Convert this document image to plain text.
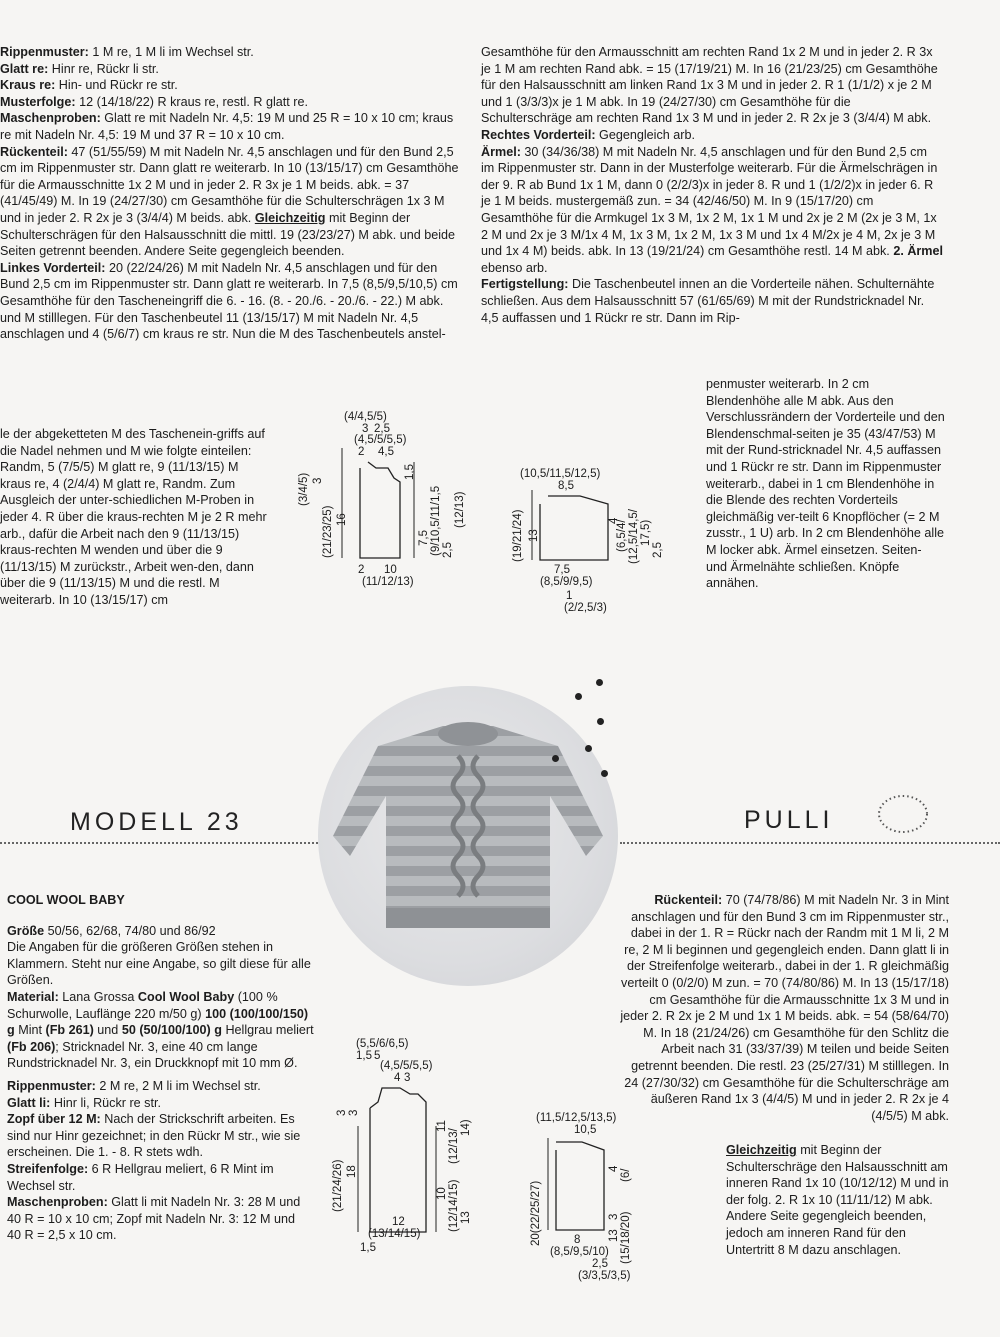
Rippenmuster: 1 M re, 1 M li im Wechsel str.

Glatt re: Hinr re, Rückr li str.

Kraus re: Hin- und Rückr re str.

Musterfolge: 12 (14/18/22) R kraus re, restl. R glatt re.

Maschenproben: Glatt re mit Nadeln Nr. 4,5: 19 M und 25 R = 10 x 10 cm; kraus re mit Nadeln Nr. 4,5: 19 M und 37 R = 10 x 10 cm.

Rückenteil: 47 (51/55/59) M mit Nadeln Nr. 4,5 anschlagen und für den Bund 2,5 cm im Rippenmuster str. Dann glatt re weiterarb. In 10 (13/15/17) cm Gesamthöhe für die Armausschnitte 1x 2 M und in jeder 2. R 3x je 1 M beids. abk. = 37 (41/45/49) M. In 19 (24/27/30) cm Gesamthöhe für die Schulterschrägen 1x 3 M und in jeder 2. R 2x je 3 (3/4/4) M beids. abk. Gleichzeitig mit Beginn der Schulterschrägen für den Halsausschnitt die mittl. 19 (23/23/27) M abk. und beide Seiten getrennt beenden. Andere Seite gegengleich beenden.

Linkes Vorderteil: 20 (22/24/26) M mit Nadeln Nr. 4,5 anschlagen und für den Bund 2,5 cm im Rippenmuster str. Dann glatt re weiterarb. In 7,5 (8,5/9,5/10,5) cm Gesamthöhe für den Tascheneingriff die 6. - 16. (8. - 20./6. - 20./6. - 22.) M abk. und M stilllegen. Für den Taschenbeutel 11 (13/15/17) M mit Nadeln Nr. 4,5 anschlagen und 4 (5/6/7) cm kraus re str. Nun die M des Taschenbeutels anstel-

le der abgeketteten M des Taschenein-griffs auf die Nadel nehmen und M wie folgte einteilen: Randm, 5 (7/5/5) M glatt re, 9 (11/13/15) M kraus re, 4 (2/4/4) M glatt re, Randm. Zum Ausgleich der unter-schiedlichen M-Proben in jeder 4. R über die kraus-rechten M je 2 R mehr arb., dafür die Arbeit nach den 9 (11/13/15) kraus-rechten M wenden und über die 9 (11/13/15) M zurückstr., Arbeit wen-den, dann über die 9 (11/13/15) M und die restl. M weiterarb. In 10 (13/15/17) cm

Gesamthöhe für den Armausschnitt am rechten Rand 1x 2 M und in jeder 2. R 3x je 1 M am rechten Rand abk. = 15 (17/19/21) M. In 16 (21/23/25) cm Gesamthöhe für den Halsausschnitt am linken Rand 1x 3 M und in jeder 2. R 1 (1/1/2) x je 2 M und 1 (3/3/3)x je 1 M abk. In 19 (24/27/30) cm Gesamthöhe für die Schulterschräge am rechten Rand 1x 3 M und in jeder 2. R 2x je 3 (3/4/4) M abk.

Rechtes Vorderteil: Gegengleich arb.

Ärmel: 30 (34/36/38) M mit Nadeln Nr. 4,5 anschlagen und für den Bund 2,5 cm im Rippenmuster str. Dann in der Musterfolge weiterarb. Für die Ärmelschrägen in der 9. R ab Bund 1x 1 M, dann 0 (2/2/3)x in jeder 8. R und 1 (1/2/2)x in jeder 6. R je 1 M beids. mustergemäß zun. = 34 (42/46/50) M. In 9 (15/17/20) cm Gesamthöhe für die Armkugel 1x 3 M, 1x 2 M, 1x 1 M und 2x je 2 M (2x je 3 M, 1x 2 M und 2x je 3 M/1x 4 M, 1x 3 M, 1x 2 M, 1x 3 M und 1x 4 M/2x je 4 M, 2x je 3 M und 1x 4 M) beids. abk. In 13 (19/21/24) cm Gesamthöhe restl. 14 M abk. 2. Ärmel ebenso arb.

Fertigstellung: Die Taschenbeutel innen an die Vorderteile nähen. Schulternähte schließen. Aus dem Halsausschnitt 57 (61/65/69) M mit der Rundstricknadel Nr. 4,5 auffassen und 1 Rückr re str. Dann im Rip-

penmuster weiterarb. In 2 cm Blendenhöhe alle M abk. Aus den Verschlussrändern der Vorderteile und den Blendenschmal-seiten je 35 (43/47/53) M mit der Rund-stricknadel Nr. 4,5 auffassen und 1 Rückr re str. Dann im Rippenmuster weiterarb., dabei in 1 cm Blendenhöhe in die Blende des rechten Vorderteils gleichmäßig ver-teilt 6 Knopflöcher (= 2 M zusstr., 1 U) arb. In 2 cm Blendenhöhe alle M locker abk. Ärmel einsetzen. Seiten- und Ärmelnähte schließen. Knöpfe annähen.

(4/4,5/5)
3 2,5
(4,5/5/5,5)
2 4,5
(3/4/5) 3
(21/23/25) 16
1,5
7,5 (9/10,5/11/1,5 2,5
(12/13)
2 10
(11/12/13)
(10,5/11,5/12,5)
8,5
(19/21/24) 13
4
(6,5/4/ (12,5/14,5/ 17,5)
2,5
7,5
(8,5/9/9,5)
1
(2/2,5/3)
MODELL 23	PULLI

COOL WOOL BABY

Größe 50/56, 62/68, 74/80 und 86/92

Die Angaben für die größeren Größen stehen in Klammern. Steht nur eine Angabe, so gilt diese für alle Größen.

Material: Lana Grossa Cool Wool Baby (100 % Schurwolle, Lauflänge 220 m/50 g) 100 (100/100/150) g Mint (Fb 261) und 50 (50/100/100) g Hellgrau meliert (Fb 206); Stricknadel Nr. 3, eine 40 cm lange Rundstricknadel Nr. 3, ein Druckknopf mit 10 mm Ø.

Rippenmuster: 2 M re, 2 M li im Wechsel str.

Glatt li: Hinr li, Rückr re str.

Zopf über 12 M: Nach der Strickschrift arbeiten. Es sind nur Hinr gezeichnet; in den Rückr M str., wie sie erscheinen. Die 1. - 8. R stets wdh.

Streifenfolge: 6 R Hellgrau meliert, 6 R Mint im Wechsel str.

Maschenproben: Glatt li mit Nadeln Nr. 3: 28 M und 40 R = 10 x 10 cm; Zopf mit Nadeln Nr. 3: 12 M und 40 R = 2,5 x 10 cm.

(5,5/6/6,5)
1,5 5
(4,5/5/5,5)
4 3
3 3
(21/24/26) 18
11
(12/13/
14)
10 (12/14/15) 13
12
(13/14/15)
1,5
(11,5/12,5/13,5)
10,5
20(22/25/27)
4 (6/
13 (15/18/20)
3
8
(8,5/9,5/10)
2,5
(3/3,5/3,5)

Rückenteil: 70 (74/78/86) M mit Nadeln Nr. 3 in Mint anschlagen und für den Bund 3 cm im Rippenmuster str., dabei in der 1. R = Rückr nach der Randm mit 1 M li, 2 M re, 2 M li beginnen und gegengleich enden. Dann glatt li in der Streifenfolge weiterarb., dabei in der 1. R gleichmäßig verteilt 0 (0/2/0) M zun. = 70 (74/80/86) M. In 13 (15/17/18) cm Gesamthöhe für die Armausschnitte 1x 3 M und in jeder 2. R 2x je 2 M und 1x 1 M beids. abk. = 54 (58/64/70) M. In 18 (21/24/26) cm Gesamthöhe für den Schlitz die Arbeit nach 31 (33/37/39) M teilen und beide Seiten getrennt beenden. Die restl. 23 (25/27/31) M stilllegen. In 24 (27/30/32) cm Gesamthöhe für die Schulterschräge am äußeren Rand 1x 3 (4/4/5) M und in jeder 2. R 2x je 4 (4/5/5) M abk.

Gleichzeitig mit Beginn der Schulterschräge den Halsausschnitt am inneren Rand 1x 10 (10/12/12) M und in der folg. 2. R 1x 10 (11/11/12) M abk. Andere Seite gegengleich beenden, jedoch am inneren Rand für den Untertritt 8 M dazu anschlagen.
